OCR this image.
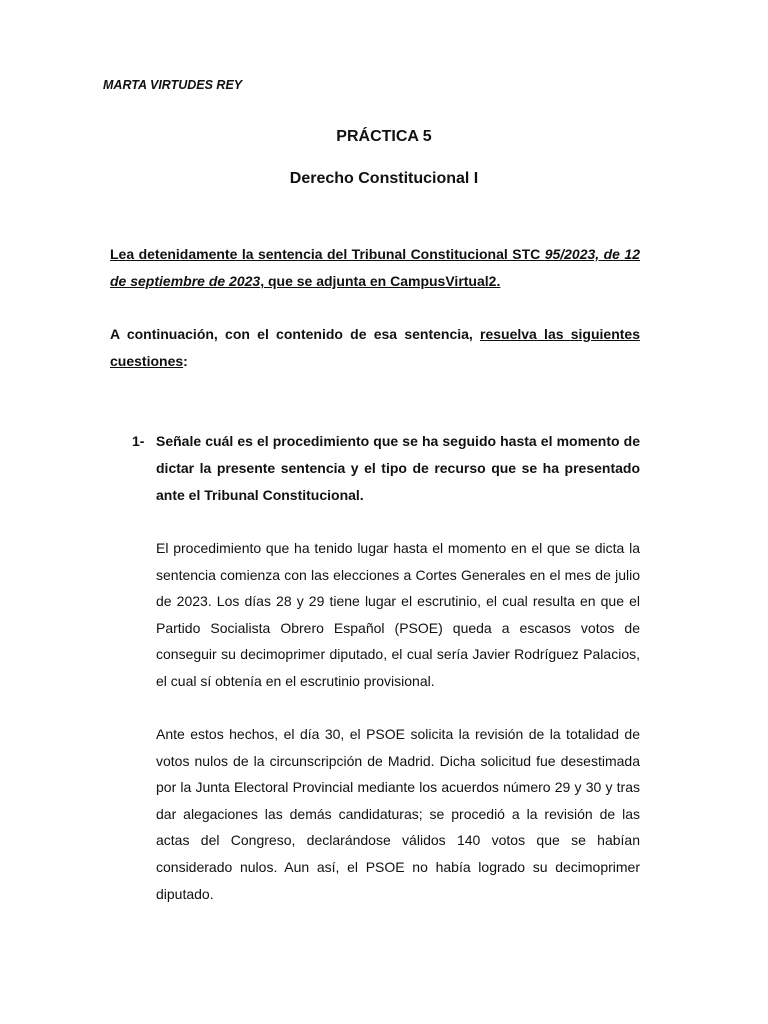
MARTA VIRTUDES REY
PRÁCTICA 5
Derecho Constitucional I
Lea detenidamente la sentencia del Tribunal Constitucional STC 95/2023, de 12 de septiembre de 2023, que se adjunta en CampusVirtual2.
A continuación, con el contenido de esa sentencia, resuelva las siguientes cuestiones:
1- Señale cuál es el procedimiento que se ha seguido hasta el momento de dictar la presente sentencia y el tipo de recurso que se ha presentado ante el Tribunal Constitucional.
El procedimiento que ha tenido lugar hasta el momento en el que se dicta la sentencia comienza con las elecciones a Cortes Generales en el mes de julio de 2023. Los días 28 y 29 tiene lugar el escrutinio, el cual resulta en que el Partido Socialista Obrero Español (PSOE) queda a escasos votos de conseguir su decimoprimer diputado, el cual sería Javier Rodríguez Palacios, el cual sí obtenía en el escrutinio provisional.
Ante estos hechos, el día 30, el PSOE solicita la revisión de la totalidad de votos nulos de la circunscripción de Madrid. Dicha solicitud fue desestimada por la Junta Electoral Provincial mediante los acuerdos número 29 y 30 y tras dar alegaciones las demás candidaturas; se procedió a la revisión de las actas del Congreso, declarándose válidos 140 votos que se habían considerado nulos. Aun así, el PSOE no había logrado su decimoprimer diputado.
